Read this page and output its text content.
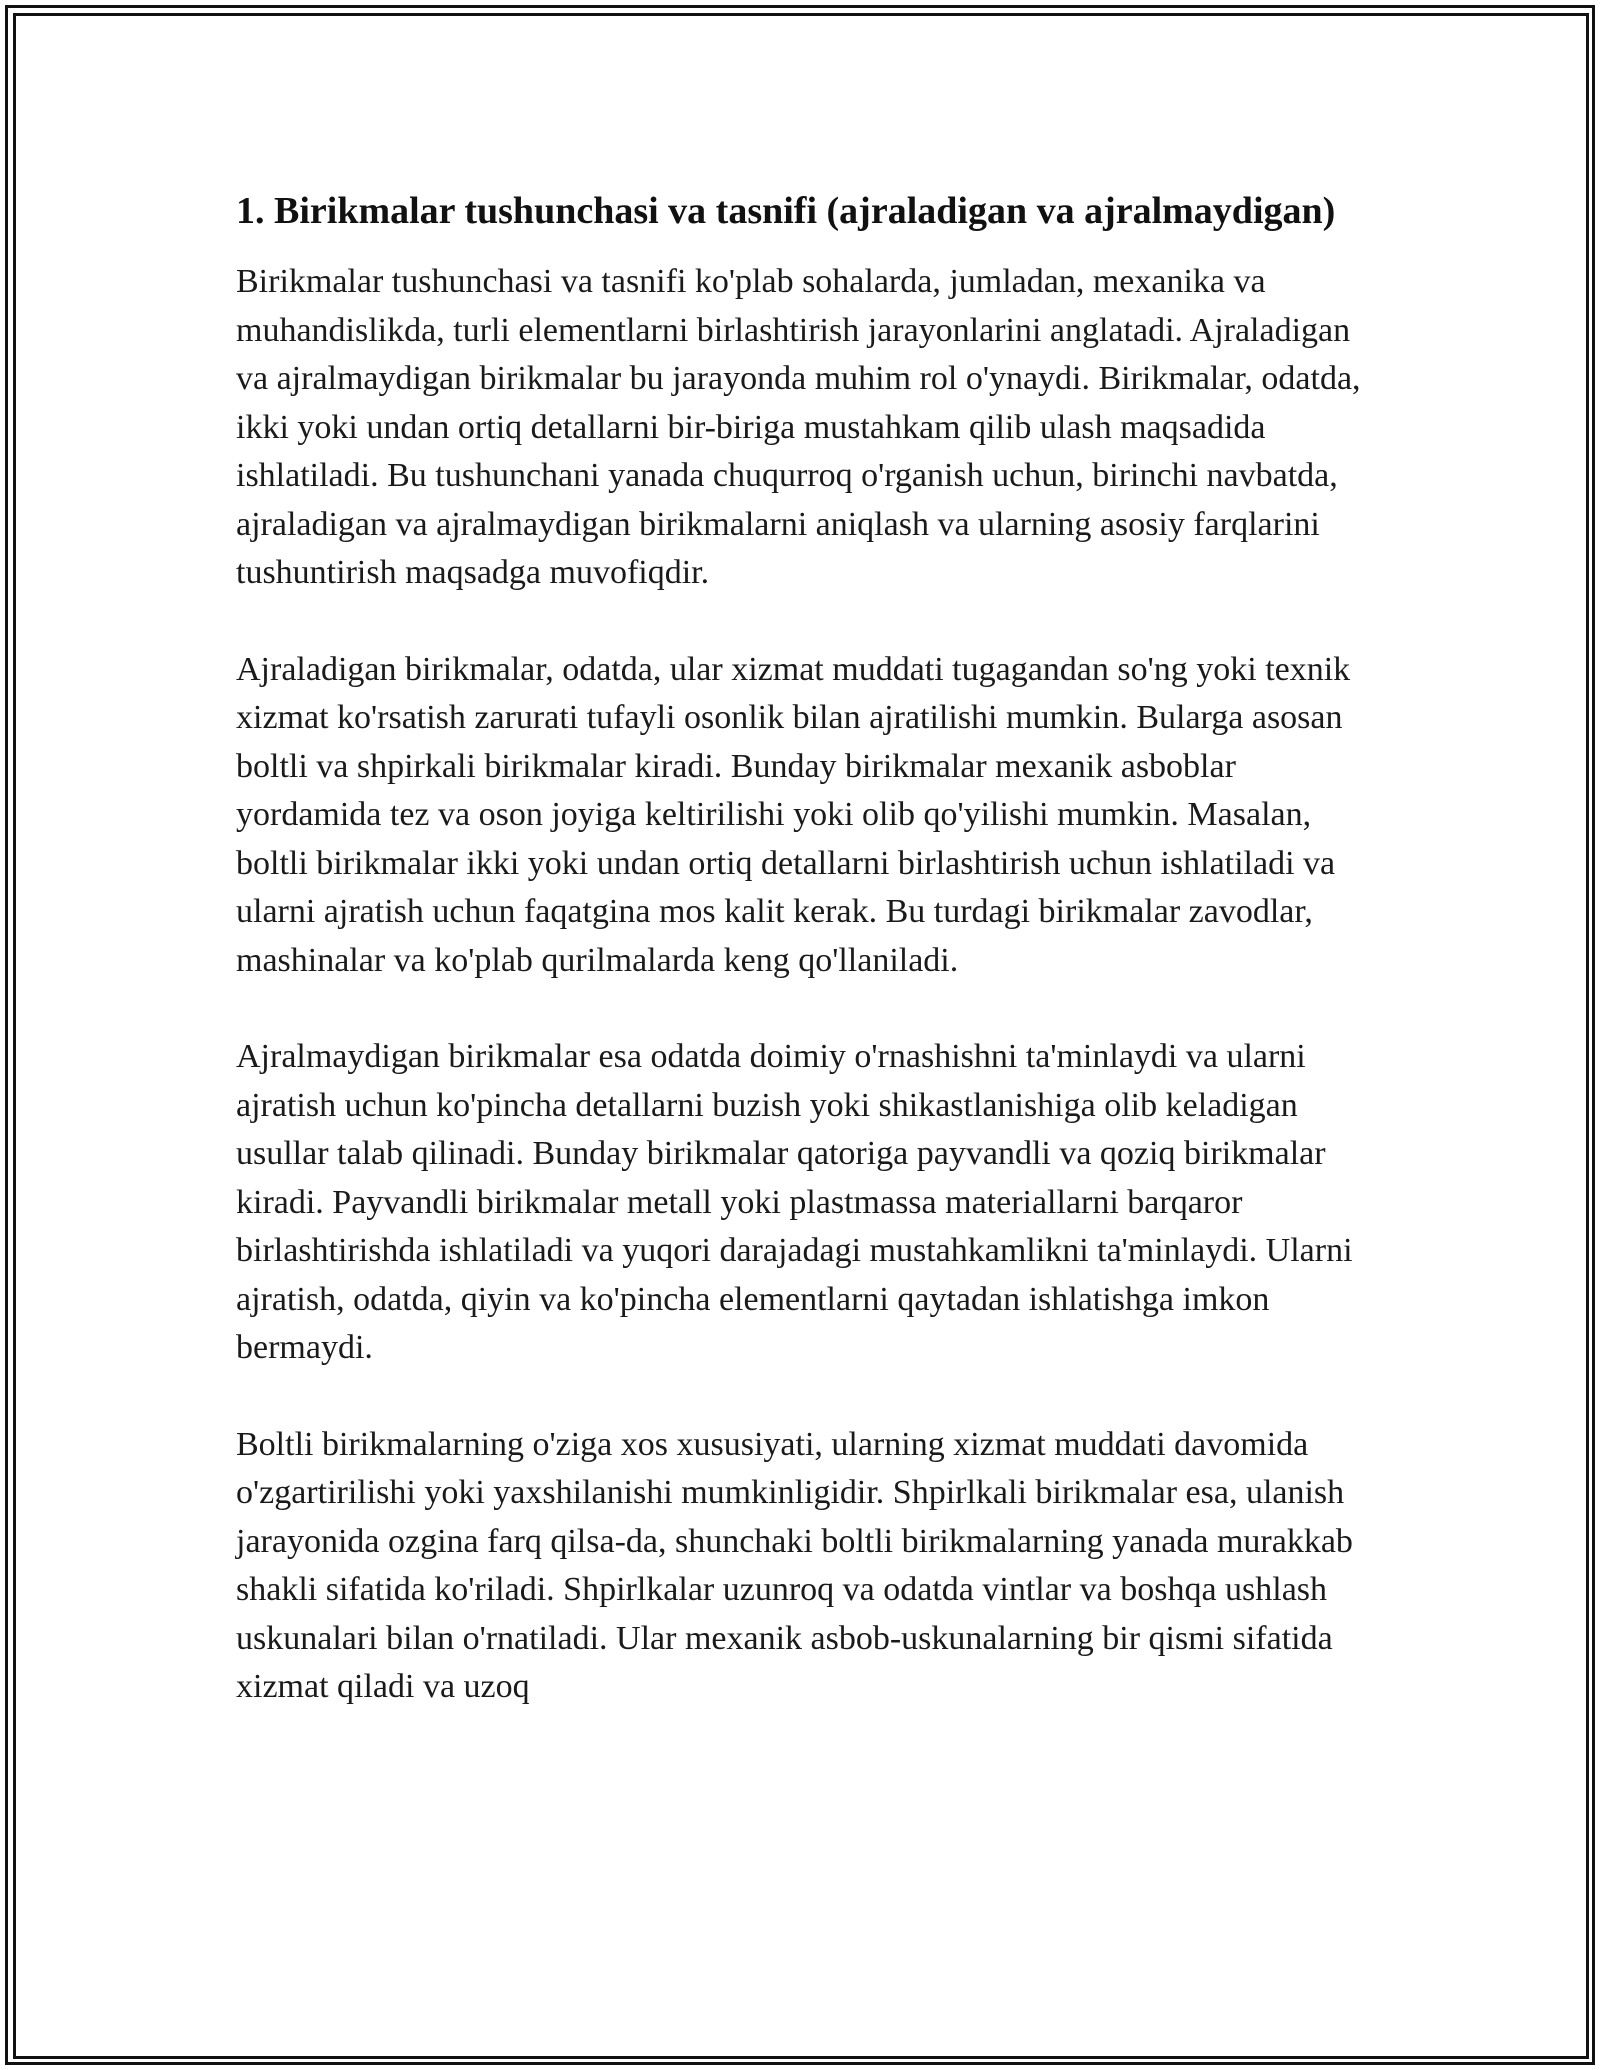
1. Birikmalar tushunchasi va tasnifi (ajraladigan va ajralmaydigan)

Birikmalar tushunchasi va tasnifi ko'plab sohalarda, jumladan, mexanika va muhandislikda, turli elementlarni birlashtirish jarayonlarini anglatadi. Ajraladigan va ajralmaydigan birikmalar bu jarayonda muhim rol o'ynaydi. Birikmalar, odatda, ikki yoki undan ortiq detallarni bir-biriga mustahkam qilib ulash maqsadida ishlatiladi. Bu tushunchani yanada chuqurroq o'rganish uchun, birinchi navbatda, ajraladigan va ajralmaydigan birikmalarni aniqlash va ularning asosiy farqlarini tushuntirish maqsadga muvofiqdir.

Ajraladigan birikmalar, odatda, ular xizmat muddati tugagandan so'ng yoki texnik xizmat ko'rsatish zarurati tufayli osonlik bilan ajratilishi mumkin. Bularga asosan boltli va shpirkali birikmalar kiradi. Bunday birikmalar mexanik asboblar yordamida tez va oson joyiga keltirilishi yoki olib qo'yilishi mumkin. Masalan, boltli birikmalar ikki yoki undan ortiq detallarni birlashtirish uchun ishlatiladi va ularni ajratish uchun faqatgina mos kalit kerak. Bu turdagi birikmalar zavodlar, mashinalar va ko'plab qurilmalarda keng qo'llaniladi.

Ajralmaydigan birikmalar esa odatda doimiy o'rnashishni ta'minlaydi va ularni ajratish uchun ko'pincha detallarni buzish yoki shikastlanishiga olib keladigan usullar talab qilinadi. Bunday birikmalar qatoriga payvandli va qoziq birikmalar kiradi. Payvandli birikmalar metall yoki plastmassa materiallarni barqaror birlashtirishda ishlatiladi va yuqori darajadagi mustahkamlikni ta'minlaydi. Ularni ajratish, odatda, qiyin va ko'pincha elementlarni qaytadan ishlatishga imkon bermaydi.

Boltli birikmalarning o'ziga xos xususiyati, ularning xizmat muddati davomida o'zgartirilishi yoki yaxshilanishi mumkinligidir. Shpirlkali birikmalar esa, ulanish jarayonida ozgina farq qilsa-da, shunchaki boltli birikmalarning yanada murakkab shakli sifatida ko'riladi. Shpirlkalar uzunroq va odatda vintlar va boshqa ushlash uskunalari bilan o'rnatiladi. Ular mexanik asbob-uskunalarning bir qismi sifatida xizmat qiladi va uzoq
